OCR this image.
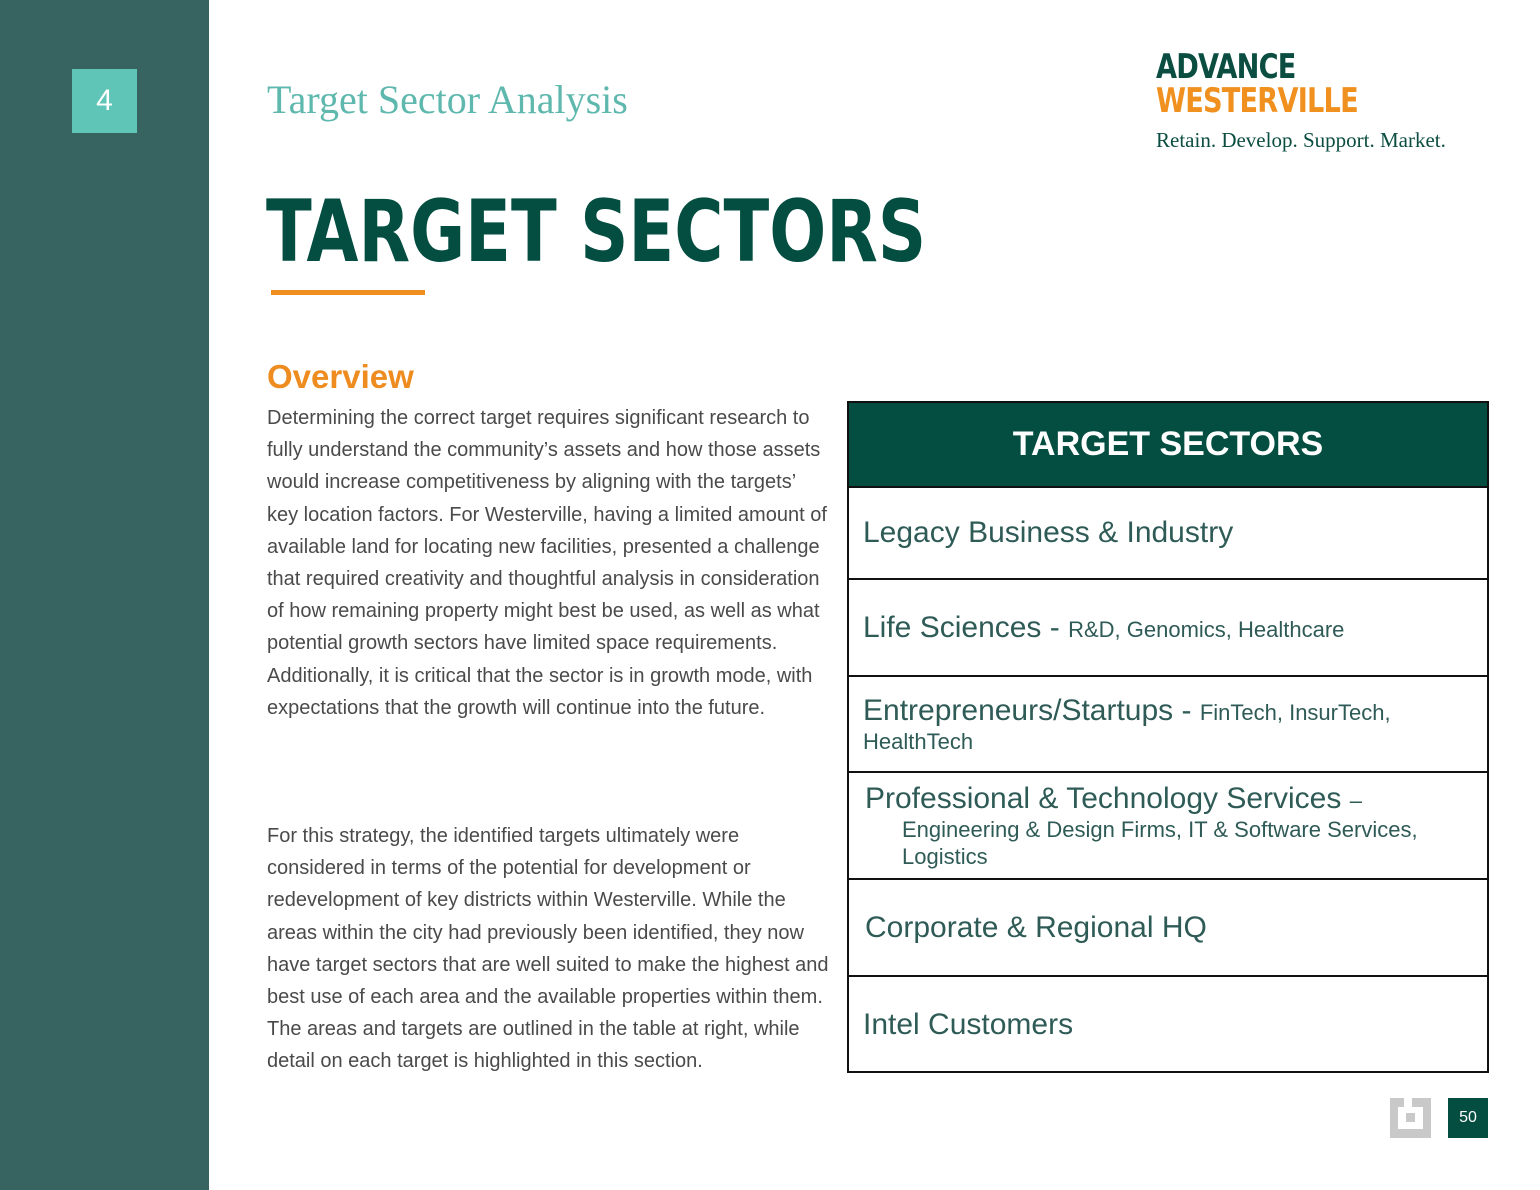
4	Target Sector Analysis
ADVANCE
WESTERVILLE
Retain. Develop. Support. Market.
TARGET SECTORS
Overview
Determining the correct target requires significant research to fully understand the community’s assets and how those assets would increase competitiveness by aligning with the targets’ key location factors. For Westerville, having a limited amount of available land for locating new facilities, presented a challenge that required creativity and thoughtful analysis in consideration of how remaining property might best be used, as well as what potential growth sectors have limited space requirements. Additionally, it is critical that the sector is in growth mode, with expectations that the growth will continue into the future.
For this strategy, the identified targets ultimately were considered in terms of the potential for development or redevelopment of key districts within Westerville. While the areas within the city had previously been identified, they now have target sectors that are well suited to make the highest and best use of each area and the available properties within them. The areas and targets are outlined in the table at right, while detail on each target is highlighted in this section.
TARGET SECTORS
Legacy Business & Industry
Life Sciences - R&D, Genomics, Healthcare
Entrepreneurs/Startups - FinTech, InsurTech,
HealthTech
Professional & Technology Services –
Engineering & Design Firms, IT & Software Services,
Logistics
Corporate & Regional HQ
Intel Customers
50
